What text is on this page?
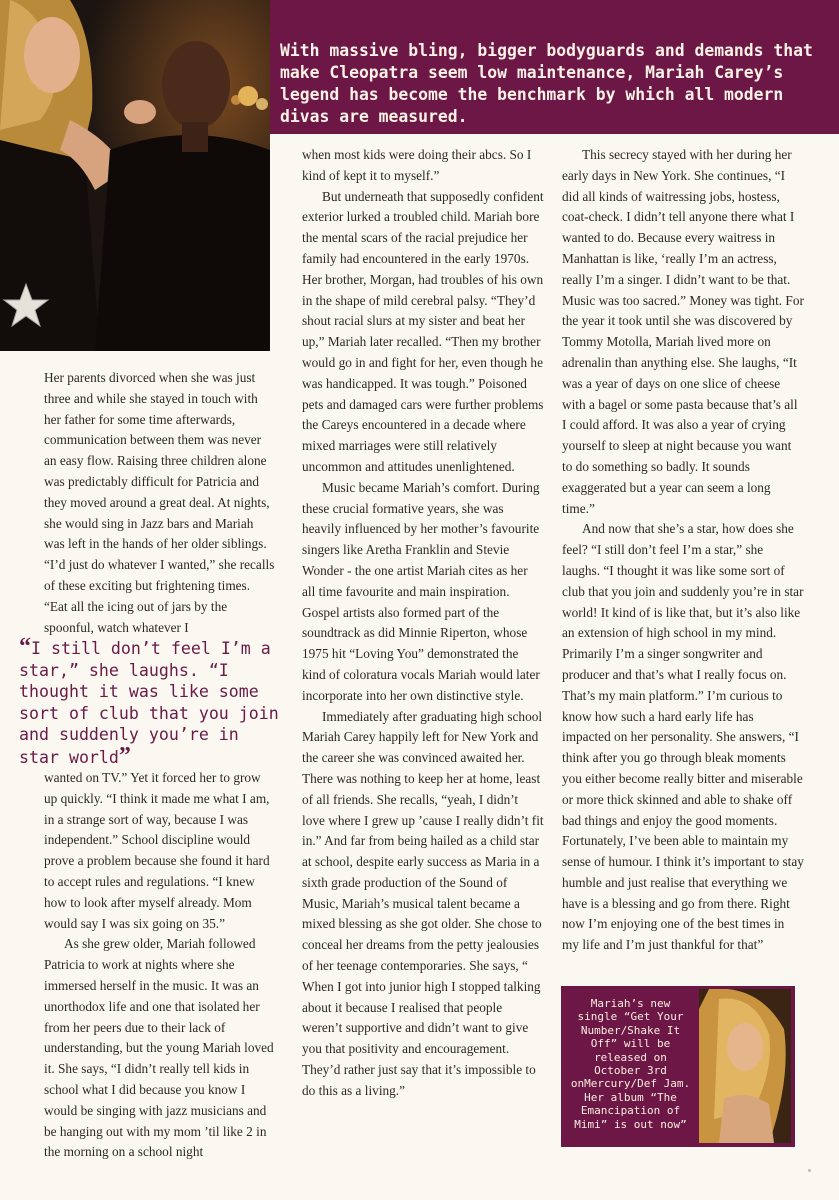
With massive bling, bigger bodyguards and demands that make Cleopatra seem low maintenance, Mariah Carey’s legend has become the benchmark by which all modern divas are measured.

Her parents divorced when she was just three and while she stayed in touch with her father for some time afterwards, communication between them was never an easy flow. Raising three children alone was predictably difficult for Patricia and they moved around a great deal. At nights, she would sing in Jazz bars and Mariah was left in the hands of her older siblings. “I’d just do whatever I wanted,” she recalls of these exciting but frightening times. “Eat all the icing out of jars by the spoonful, watch whatever I

“I still don’t feel I’m a star,” she laughs. “I thought it was like some sort of club that you join and suddenly you’re in star world”

wanted on TV.” Yet it forced her to grow up quickly. “I think it made me what I am, in a strange sort of way, because I was independent.” School discipline would prove a problem because she found it hard to accept rules and regulations. “I knew how to look after myself already. Mom would say I was six going on 35.”

As she grew older, Mariah followed Patricia to work at nights where she immersed herself in the music. It was an unorthodox life and one that isolated her from her peers due to their lack of understanding, but the young Mariah loved it. She says, “I didn’t really tell kids in school what I did because you know I would be singing with jazz musicians and be hanging out with my mom ’til like 2 in the morning on a school night

when most kids were doing their abcs. So I kind of kept it to myself.”

But underneath that supposedly confident exterior lurked a troubled child. Mariah bore the mental scars of the racial prejudice her family had encountered in the early 1970s. Her brother, Morgan, had troubles of his own in the shape of mild cerebral palsy. “They’d shout racial slurs at my sister and beat her up,” Mariah later recalled. “Then my brother would go in and fight for her, even though he was handicapped. It was tough.” Poisoned pets and damaged cars were further problems the Careys encountered in a decade where mixed marriages were still relatively uncommon and attitudes unenlightened.

Music became Mariah’s comfort. During these crucial formative years, she was heavily influenced by her mother’s favourite singers like Aretha Franklin and Stevie Wonder - the one artist Mariah cites as her all time favourite and main inspiration. Gospel artists also formed part of the soundtrack as did Minnie Riperton, whose 1975 hit “Loving You” demonstrated the kind of coloratura vocals Mariah would later incorporate into her own distinctive style.

Immediately after graduating high school Mariah Carey happily left for New York and the career she was convinced awaited her. There was nothing to keep her at home, least of all friends. She recalls, “yeah, I didn’t love where I grew up ’cause I really didn’t fit in.” And far from being hailed as a child star at school, despite early success as Maria in a sixth grade production of the Sound of Music, Mariah’s musical talent became a mixed blessing as she got older. She chose to conceal her dreams from the petty jealousies of her teenage contemporaries. She says, “ When I got into junior high I stopped talking about it because I realised that people weren’t supportive and didn’t want to give you that positivity and encouragement. They’d rather just say that it’s impossible to do this as a living.”

This secrecy stayed with her during her early days in New York. She continues, “I did all kinds of waitressing jobs, hostess, coat-check. I didn’t tell anyone there what I wanted to do. Because every waitress in Manhattan is like, ‘really I’m an actress, really I’m a singer. I didn’t want to be that. Music was too sacred.” Money was tight. For the year it took until she was discovered by Tommy Motolla, Mariah lived more on adrenalin than anything else. She laughs, “It was a year of days on one slice of cheese with a bagel or some pasta because that’s all I could afford. It was also a year of crying yourself to sleep at night because you want to do something so badly. It sounds exaggerated but a year can seem a long time.”

And now that she’s a star, how does she feel? “I still don’t feel I’m a star,” she laughs. “I thought it was like some sort of club that you join and suddenly you’re in star world! It kind of is like that, but it’s also like an extension of high school in my mind. Primarily I’m a singer songwriter and producer and that’s what I really focus on. That’s my main platform.” I’m curious to know how such a hard early life has impacted on her personality. She answers, “I think after you go through bleak moments you either become really bitter and miserable or more thick skinned and able to shake off bad things and enjoy the good moments. Fortunately, I’ve been able to maintain my sense of humour. I think it’s important to stay humble and just realise that everything we have is a blessing and go from there. Right now I’m enjoying one of the best times in my life and I’m just thankful for that”

Mariah’s new single “Get Your Number/Shake It Off” will be released on October 3rd onMercury/Def Jam. Her album “The Emancipation of Mimi” is out now”
